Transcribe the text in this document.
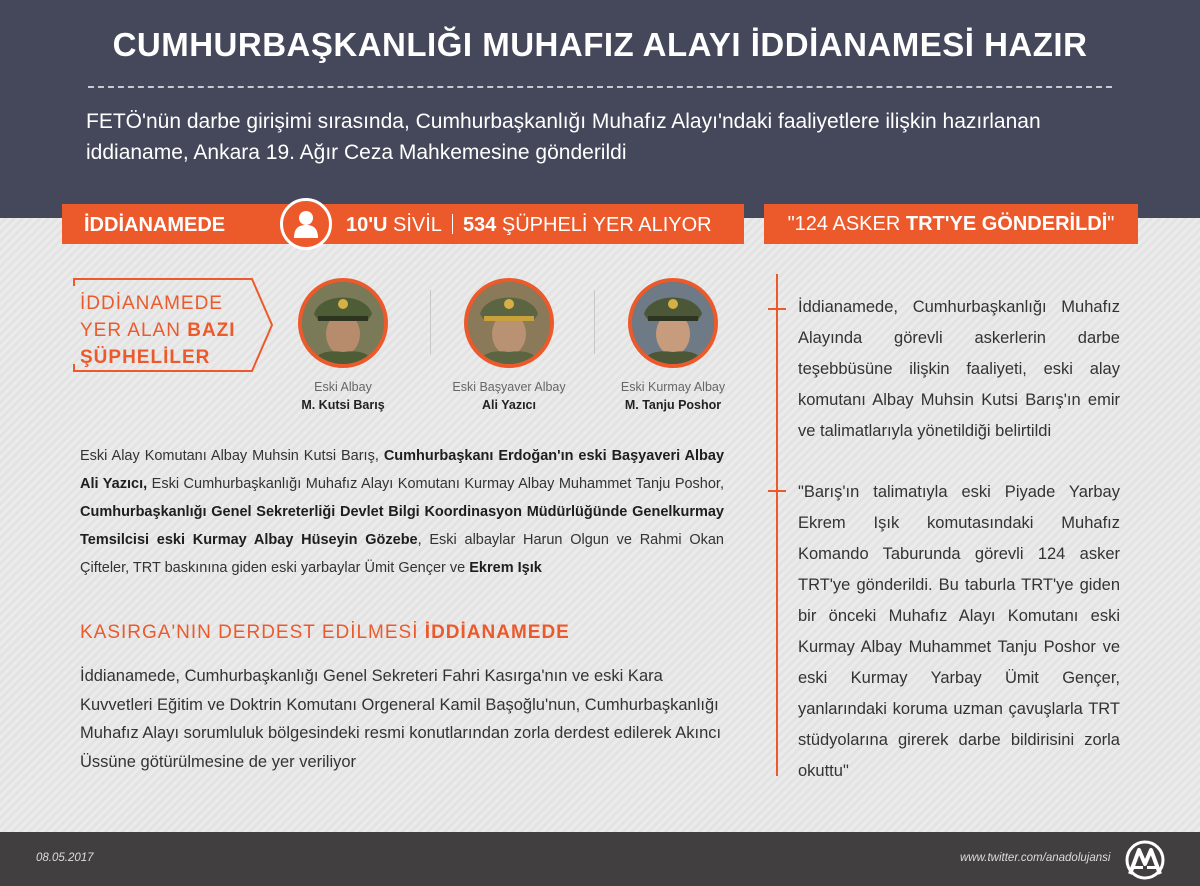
CUMHURBAŞKANLIĞI MUHAFIZ ALAYI İDDİANAMESİ HAZIR
FETÖ'nün darbe girişimi sırasında, Cumhurbaşkanlığı Muhafız Alayı'ndaki faaliyetlere ilişkin hazırlanan iddianame, Ankara 19. Ağır Ceza Mahkemesine gönderildi
İDDİANAMEDE	10'U SİVİL 534 ŞÜPHELİ YER ALIYOR	"124 ASKER TRT'YE GÖNDERİLDİ"
İDDİANAMEDE
YER ALAN BAZI
ŞÜPHELİLER
Eski Albay
M. Kutsi Barış
Eski Başyaver Albay
Ali Yazıcı
Eski Kurmay Albay
M. Tanju Poshor
Eski Alay Komutanı Albay Muhsin Kutsi Barış, Cumhurbaşkanı Erdoğan'ın eski Başyaveri Albay Ali Yazıcı, Eski Cumhurbaşkanlığı Muhafız Alayı Komutanı Kurmay Albay Muhammet Tanju Poshor, Cumhurbaşkanlığı Genel Sekreterliği Devlet Bilgi Koordinasyon Müdürlüğünde Genelkurmay Temsilcisi eski Kurmay Albay Hüseyin Gözebe, Eski albaylar Harun Olgun ve Rahmi Okan Çifteler, TRT baskınına giden eski yarbaylar Ümit Gençer ve Ekrem Işık
KASIRGA'NIN DERDEST EDİLMESİ İDDİANAMEDE
İddianamede, Cumhurbaşkanlığı Genel Sekreteri Fahri Kasırga'nın ve eski Kara Kuvvetleri Eğitim ve Doktrin Komutanı Orgeneral Kamil Başoğlu'nun, Cumhurbaşkanlığı Muhafız Alayı sorumluluk bölgesindeki resmi konutlarından zorla derdest edilerek Akıncı Üssüne götürülmesine de yer veriliyor
İddianamede, Cumhurbaşkanlığı Muhafız Alayında görevli askerlerin darbe teşebbüsüne ilişkin faaliyeti, eski alay komutanı Albay Muhsin Kutsi Barış'ın emir ve talimatlarıyla yönetildiği belirtildi
"Barış'ın talimatıyla eski Piyade Yarbay Ekrem Işık komutasındaki Muhafız Komando Taburunda görevli 124 asker TRT'ye gönderildi. Bu taburla TRT'ye giden bir önceki Muhafız Alayı Komutanı eski Kurmay Albay Muhammet Tanju Poshor ve eski Kurmay Yarbay Ümit Gençer, yanlarındaki koruma uzman çavuşlarla TRT stüdyolarına girerek darbe bildirisini zorla okuttu"
08.05.2017	www.twitter.com/anadolujansi
